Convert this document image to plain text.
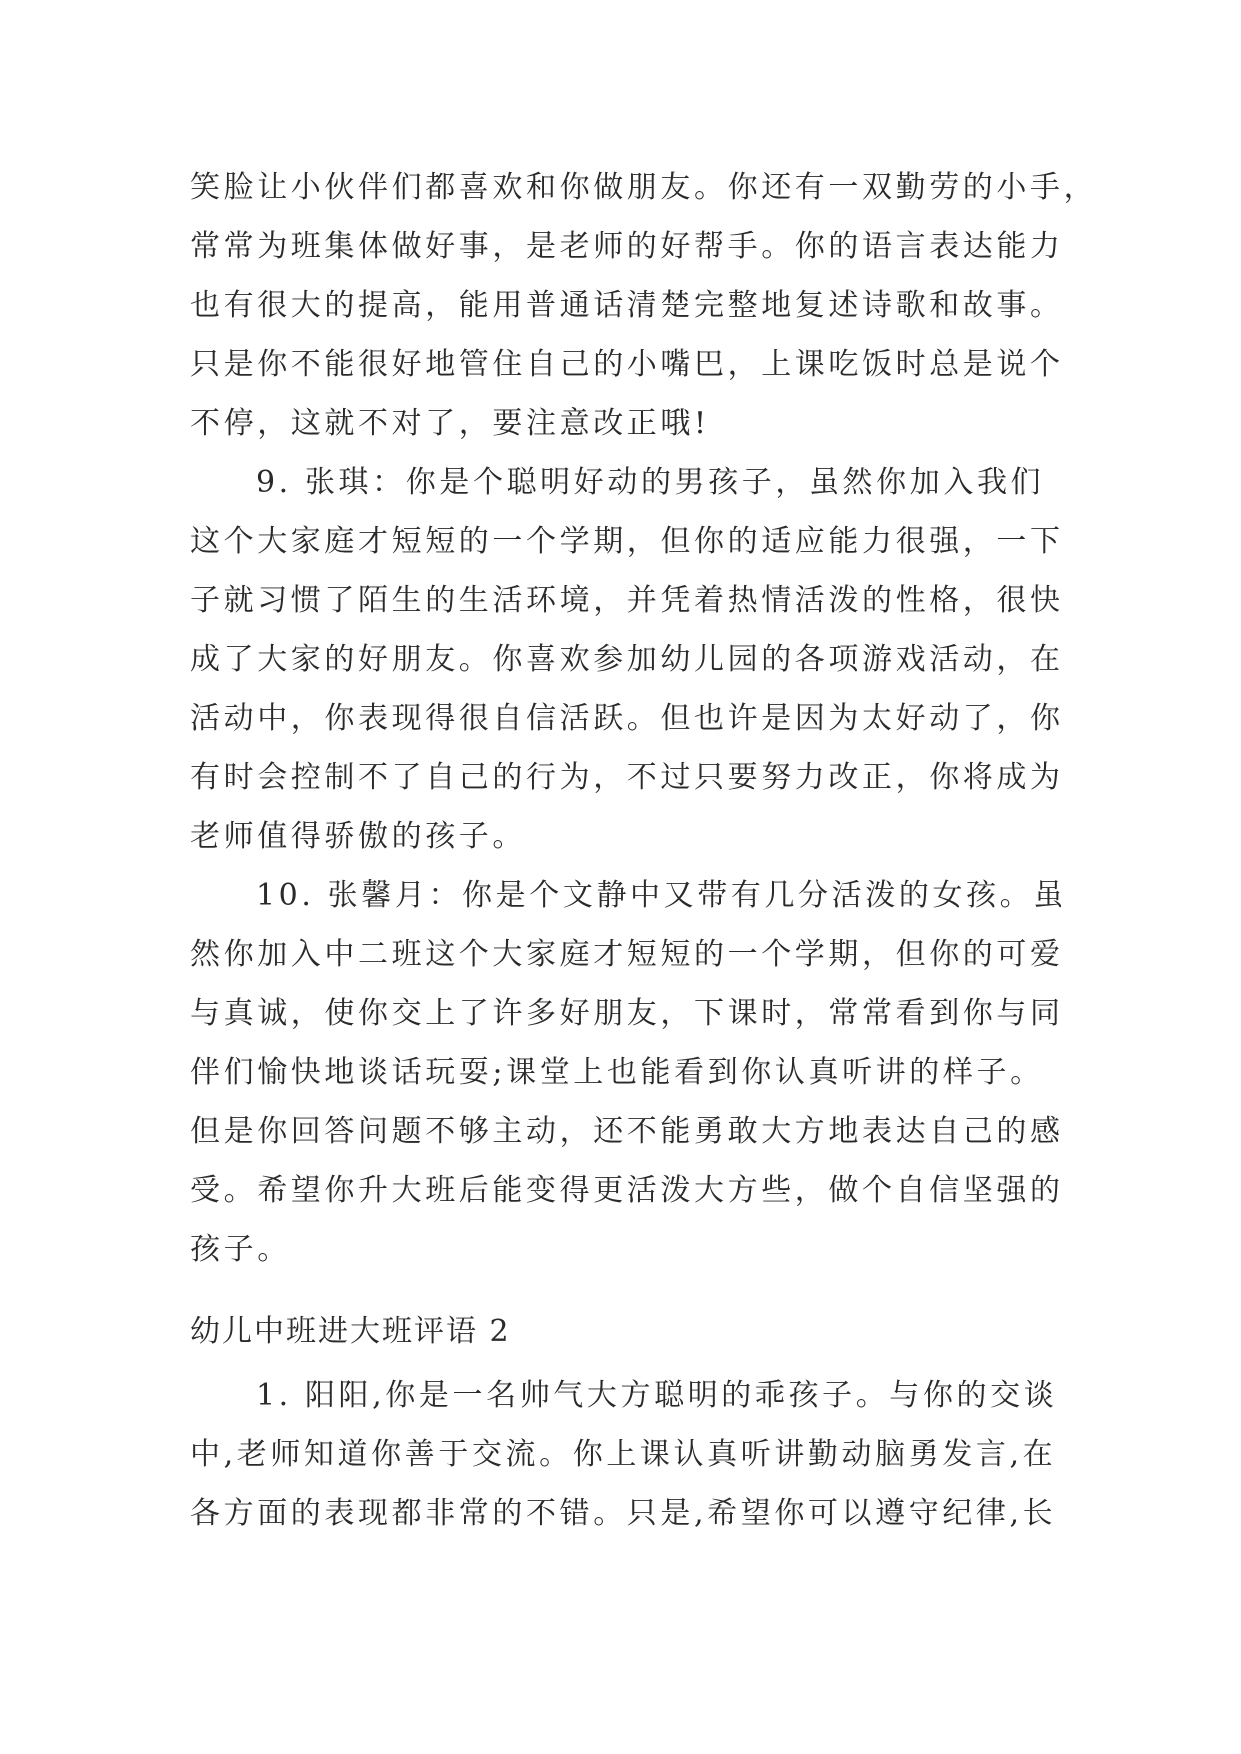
笑脸让小伙伴们都喜欢和你做朋友。你还有一双勤劳的小手，
常常为班集体做好事，是老师的好帮手。你的语言表达能力
也有很大的提高，能用普通话清楚完整地复述诗歌和故事。
只是你不能很好地管住自己的小嘴巴，上课吃饭时总是说个
不停，这就不对了，要注意改正哦!
9. 张琪：你是个聪明好动的男孩子，虽然你加入我们
这个大家庭才短短的一个学期，但你的适应能力很强，一下
子就习惯了陌生的生活环境，并凭着热情活泼的性格，很快
成了大家的好朋友。你喜欢参加幼儿园的各项游戏活动，在
活动中，你表现得很自信活跃。但也许是因为太好动了，你
有时会控制不了自己的行为，不过只要努力改正，你将成为
老师值得骄傲的孩子。
10. 张馨月：你是个文静中又带有几分活泼的女孩。虽
然你加入中二班这个大家庭才短短的一个学期，但你的可爱
与真诚，使你交上了许多好朋友，下课时，常常看到你与同
伴们愉快地谈话玩耍;课堂上也能看到你认真听讲的样子。
但是你回答问题不够主动，还不能勇敢大方地表达自己的感
受。希望你升大班后能变得更活泼大方些，做个自信坚强的
孩子。
幼儿中班进大班评语 2
1. 阳阳,你是一名帅气大方聪明的乖孩子。与你的交谈
中,老师知道你善于交流。你上课认真听讲勤动脑勇发言,在
各方面的表现都非常的不错。只是,希望你可以遵守纪律,长
